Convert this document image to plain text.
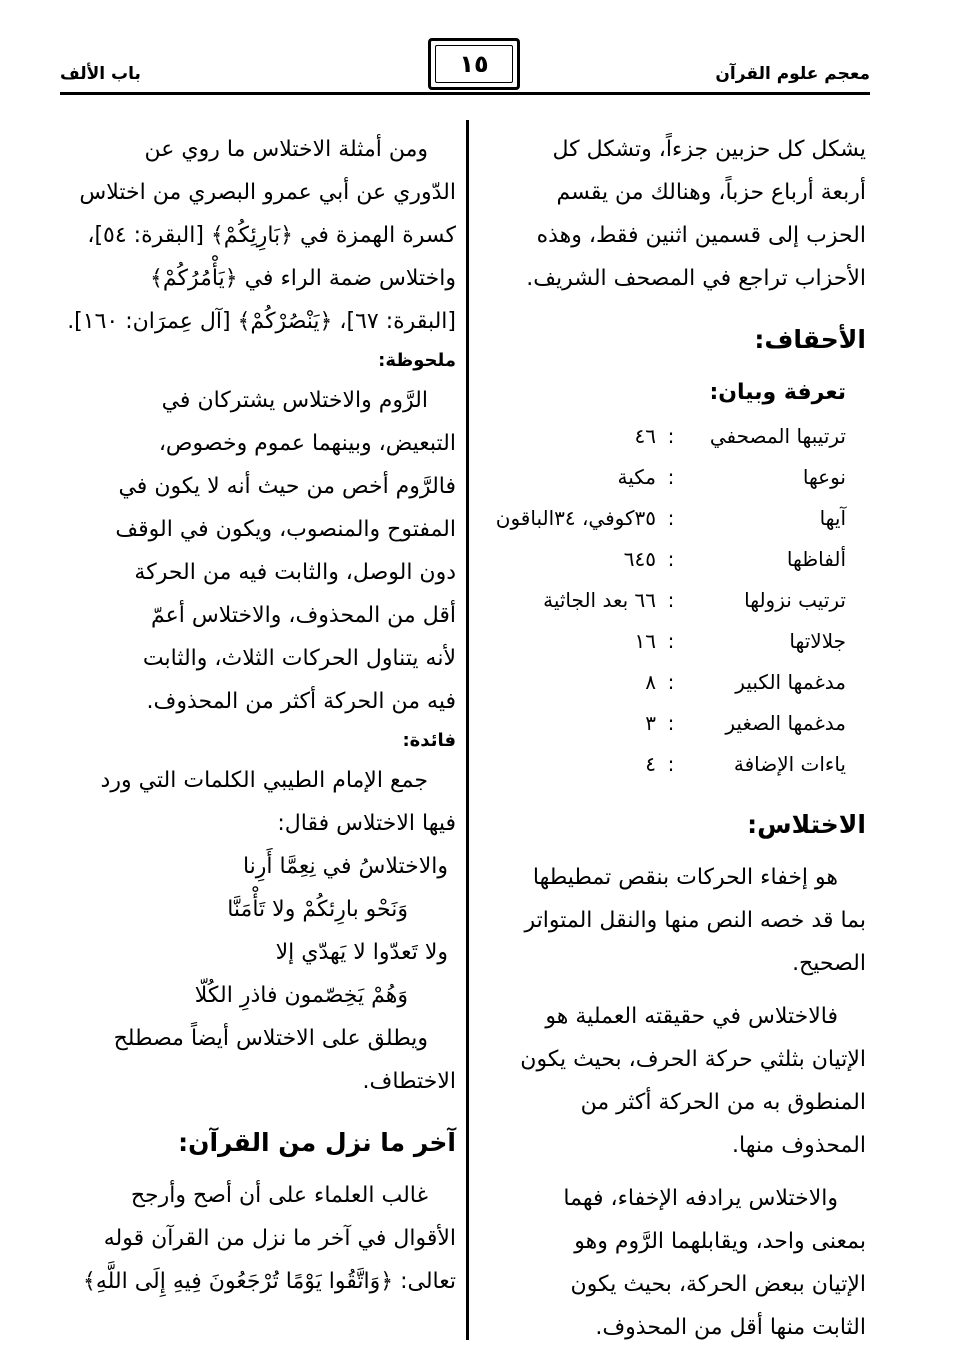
معجم علوم القرآن
١٥
باب الألف

يشكل كل حزبين جزءاً، وتشكل كل

أربعة أرباع حزباً، وهنالك من يقسم

الحزب إلى قسمين اثنين فقط، وهذه

الأحزاب تراجع في المصحف الشريف.

الأحقاف:
تعرفة وبيان:
ترتيبها المصحفي
:
٤٦
نوعها
:
مكية
آيها
:
٣٥كوفي، ٣٤الباقون
ألفاظها
:
٦٤٥
ترتيب نزولها
:
٦٦ بعد الجاثية
جلالاتها
:
١٦
مدغمها الكبير
:
٨
مدغمها الصغير
:
٣
ياءات الإضافة
:
٤
الاختلاس:

هو إخفاء الحركات بنقص تمطيطها

بما قد خصه النص منها والنقل المتواتر

الصحيح.

فالاختلاس في حقيقته العملية هو

الإتيان بثلثي حركة الحرف، بحيث يكون

المنطوق به من الحركة أكثر من

المحذوف منها.

والاختلاس يرادفه الإخفاء، فهما

بمعنى واحد، ويقابلهما الرَّوم وهو

الإتيان ببعض الحركة، بحيث يكون

الثابت منها أقل من المحذوف.

ومن أمثلة الاختلاس ما روي عن

الدّوري عن أبي عمرو البصري من اختلاس

كسرة الهمزة في ﴿بَارِئِكُمْ﴾ [البقرة: ٥٤]،

واختلاس ضمة الراء في ﴿يَأْمُرُكُمْ﴾

[البقرة: ٦٧]، ﴿يَنْصُرْكُمْ﴾ [آل عِمرَان: ١٦٠].

ملحوظة:

الرَّوم والاختلاس يشتركان في

التبعيض، وبينهما عموم وخصوص،

فالرَّوم أخص من حيث أنه لا يكون في

المفتوح والمنصوب، ويكون في الوقف

دون الوصل، والثابت فيه من الحركة

أقل من المحذوف، والاختلاس أعمّ

لأنه يتناول الحركات الثلاث، والثابت

فيه من الحركة أكثر من المحذوف.

فائدة:

جمع الإمام الطيبي الكلمات التي ورد

فيها الاختلاس فقال:

والاختلاسُ في نِعِمَّا أَرِنا

وَنَحْو بارِئكُمْ ولا تَأْمَنَّا

ولا تَعدّوا لا يَهدّي إلا

وَهُمْ يَخِصّمون فاذرِ الكُلّا

ويطلق على الاختلاس أيضاً مصطلح

الاختطاف.

آخر ما نزل من القرآن:

غالب العلماء على أن أصح وأرجح

الأقوال في آخر ما نزل من القرآن قوله

تعالى: ﴿وَاتَّقُوا يَوْمًا تُرْجَعُونَ فِيهِ إِلَى اللَّهِ﴾
